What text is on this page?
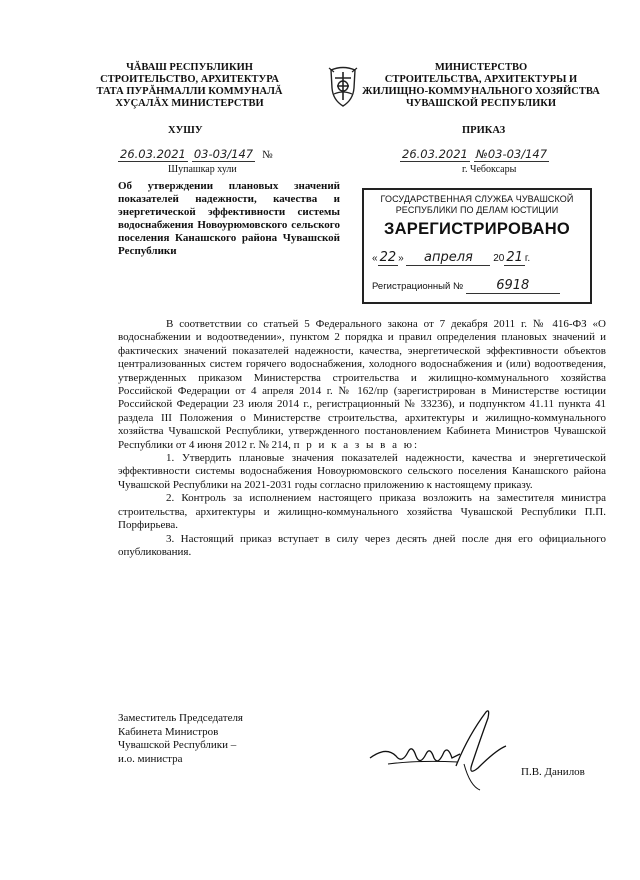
ЧĂВАШ РЕСПУБЛИКИН
СТРОИТЕЛЬСТВО, АРХИТЕКТУРА
ТАТА ПУРĂНМАЛЛИ КОММУНАЛĂ
ХУÇАЛĂХ МИНИСТЕРСТВИ
МИНИСТЕРСТВО
СТРОИТЕЛЬСТВА, АРХИТЕКТУРЫ И
ЖИЛИЩНО-КОММУНАЛЬНОГО ХОЗЯЙСТВА
ЧУВАШСКОЙ РЕСПУБЛИКИ
ХУШУ	ПРИКАЗ
26.03.2021 03-03/147 №	26.03.2021 №03-03/147
Шупашкар хули	г. Чебоксары
Об утверждении плановых значений показателей надежности, качества и энергетической эффективности системы водоснабжения Новоурюмовского сельского поселения Канашского района Чувашской Республики
ГОСУДАРСТВЕННАЯ СЛУЖБА ЧУВАШСКОЙ РЕСПУБЛИКИ ПО ДЕЛАМ ЮСТИЦИИ
ЗАРЕГИСТРИРОВАНО
« 22 » апреля 20 21 г.
Регистрационный №	6918

В соответствии со статьей 5 Федерального закона от 7 декабря 2011 г. № 416-ФЗ «О водоснабжении и водоотведении», пунктом 2 порядка и правил определения плановых значений и фактических значений показателей надежности, качества, энергетической эффективности объектов централизованных систем горячего водоснабжения, холодного водоснабжения и (или) водоотведения, утвержденных приказом Министерства строительства и жилищно-коммунального хозяйства Российской Федерации от 4 апреля 2014 г. № 162/пр (зарегистрирован в Министерстве юстиции Российской Федерации 23 июля 2014 г., регистрационный № 33236), и подпунктом 41.11 пункта 41 раздела III Положения о Министерстве строительства, архитектуры и жилищно-коммунального хозяйства Чувашской Республики, утвержденного постановлением Кабинета Министров Чувашской Республики от 4 июня 2012 г. № 214, п р и к а з ы в а ю:

1. Утвердить плановые значения показателей надежности, качества и энергетической эффективности системы водоснабжения Новоурюмовского сельского поселения Канашского района Чувашской Республики на 2021-2031 годы согласно приложению к настоящему приказу.

2. Контроль за исполнением настоящего приказа возложить на заместителя министра строительства, архитектуры и жилищно-коммунального хозяйства Чувашской Республики П.П. Порфирьева.

3. Настоящий приказ вступает в силу через десять дней после дня его официального опубликования.

Заместитель Председателя
Кабинета Министров
Чувашской Республики –
и.о. министра
П.В. Данилов
